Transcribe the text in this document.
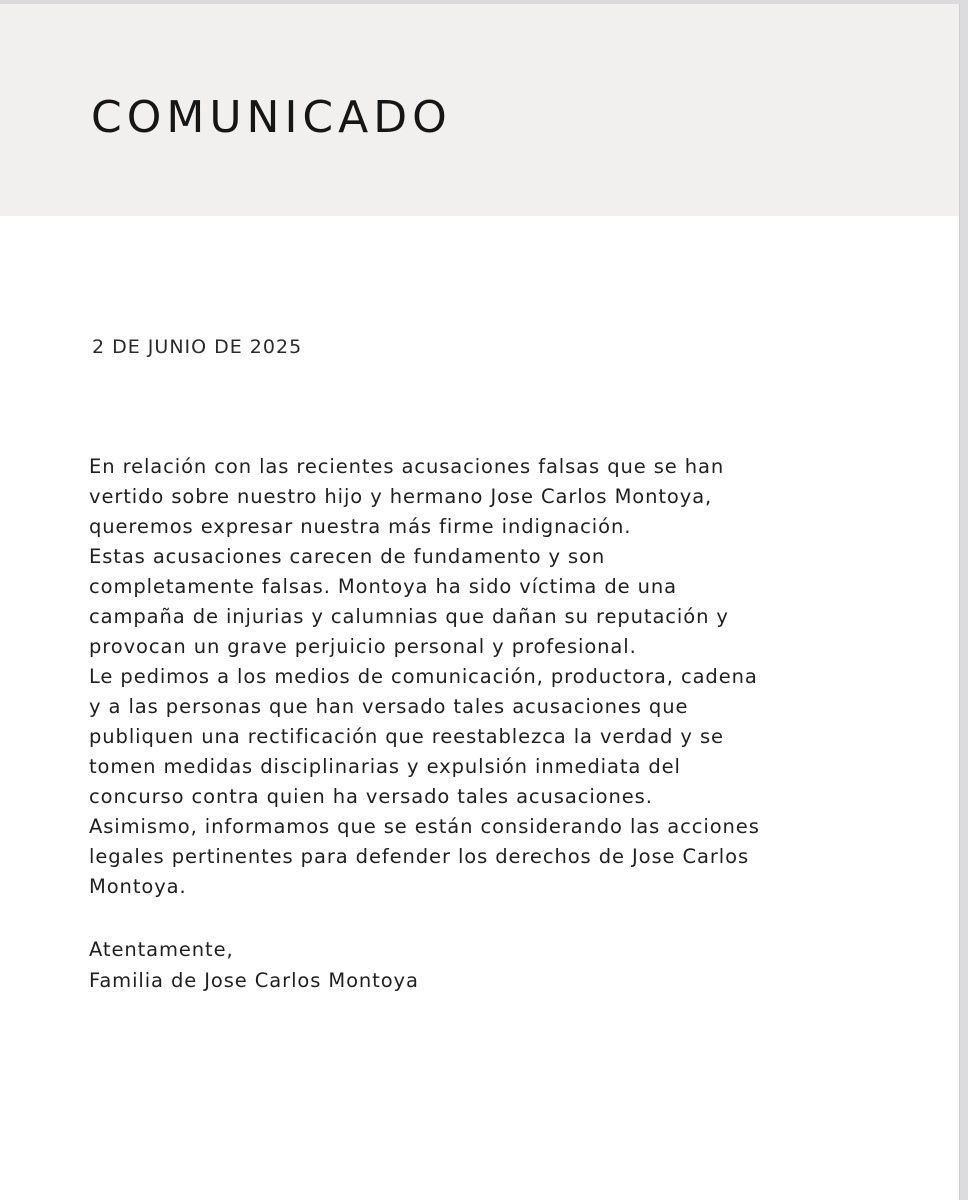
COMUNICADO

2 DE JUNIO DE 2025

En relación con las recientes acusaciones falsas que se han
vertido sobre nuestro hijo y hermano Jose Carlos Montoya,
queremos expresar nuestra más firme indignación.
Estas acusaciones carecen de fundamento y son
completamente falsas. Montoya ha sido víctima de una
campaña de injurias y calumnias que dañan su reputación y
provocan un grave perjuicio personal y profesional.
Le pedimos a los medios de comunicación, productora, cadena
y a las personas que han versado tales acusaciones que
publiquen una rectificación que reestablezca la verdad y se
tomen medidas disciplinarias y expulsión inmediata del
concurso contra quien ha versado tales acusaciones.
Asimismo, informamos que se están considerando las acciones
legales pertinentes para defender los derechos de Jose Carlos
Montoya.
Atentamente,
Familia de Jose Carlos Montoya
